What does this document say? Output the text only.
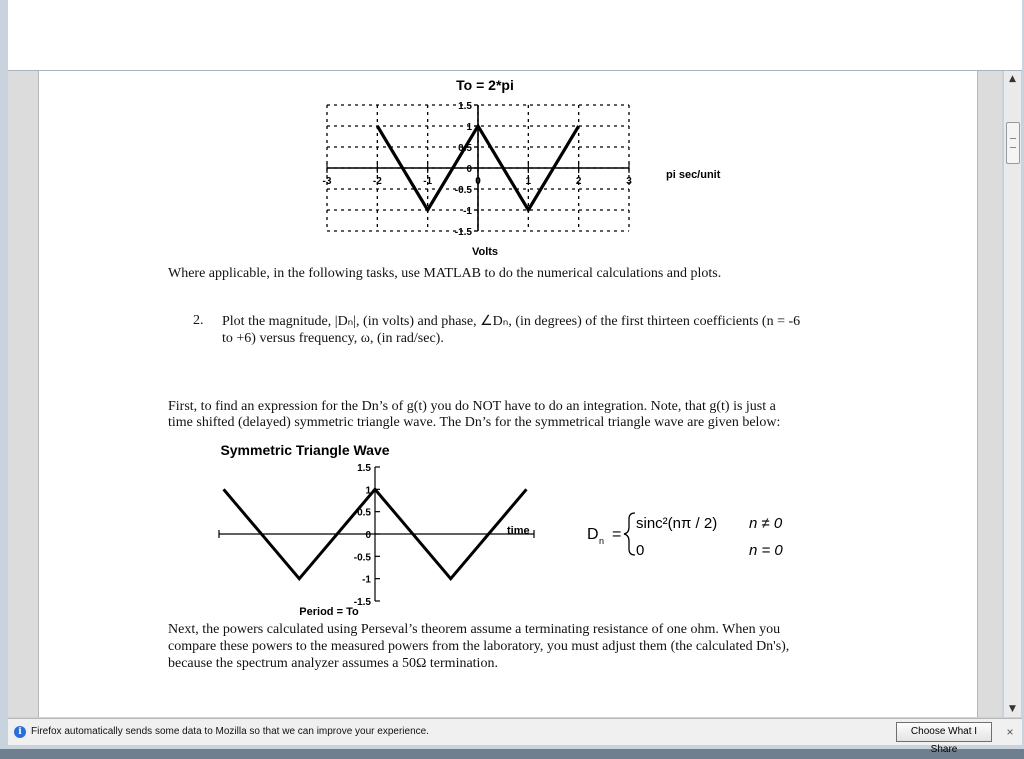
To = 2*pi
pi sec/unit
Volts
-3	-2	-1	0	1	2	3
1.5
1
0.5
0
-0.5
-1
-1.5
Where applicable, in the following tasks, use MATLAB to do the numerical calculations and plots.
2. Plot the magnitude, |Dₙ|, (in volts) and phase, ∠Dₙ, (in degrees) of the first thirteen coefficients (n = -6
to +6) versus frequency, ω, (in rad/sec).
First, to find an expression for the Dn’s of g(t) you do NOT have to do an integration. Note, that g(t) is just a
time shifted (delayed) symmetric triangle wave. The Dn’s for the symmetrical triangle wave are given below:
Symmetric Triangle Wave
time
Period = To
1.5
1
0.5
0
-0.5
-1
-1.5
D n =
sinc²(nπ / 2) n ≠ 0
0	n = 0
Next, the powers calculated using Perseval’s theorem assume a terminating resistance of one ohm. When you
compare these powers to the measured powers from the laboratory, you must adjust them (the calculated Dn's),
because the spectrum analyzer assumes a 50Ω termination.
▲
▼
i Firefox automatically sends some data to Mozilla so that we can improve your experience.	Choose What I Share
×
